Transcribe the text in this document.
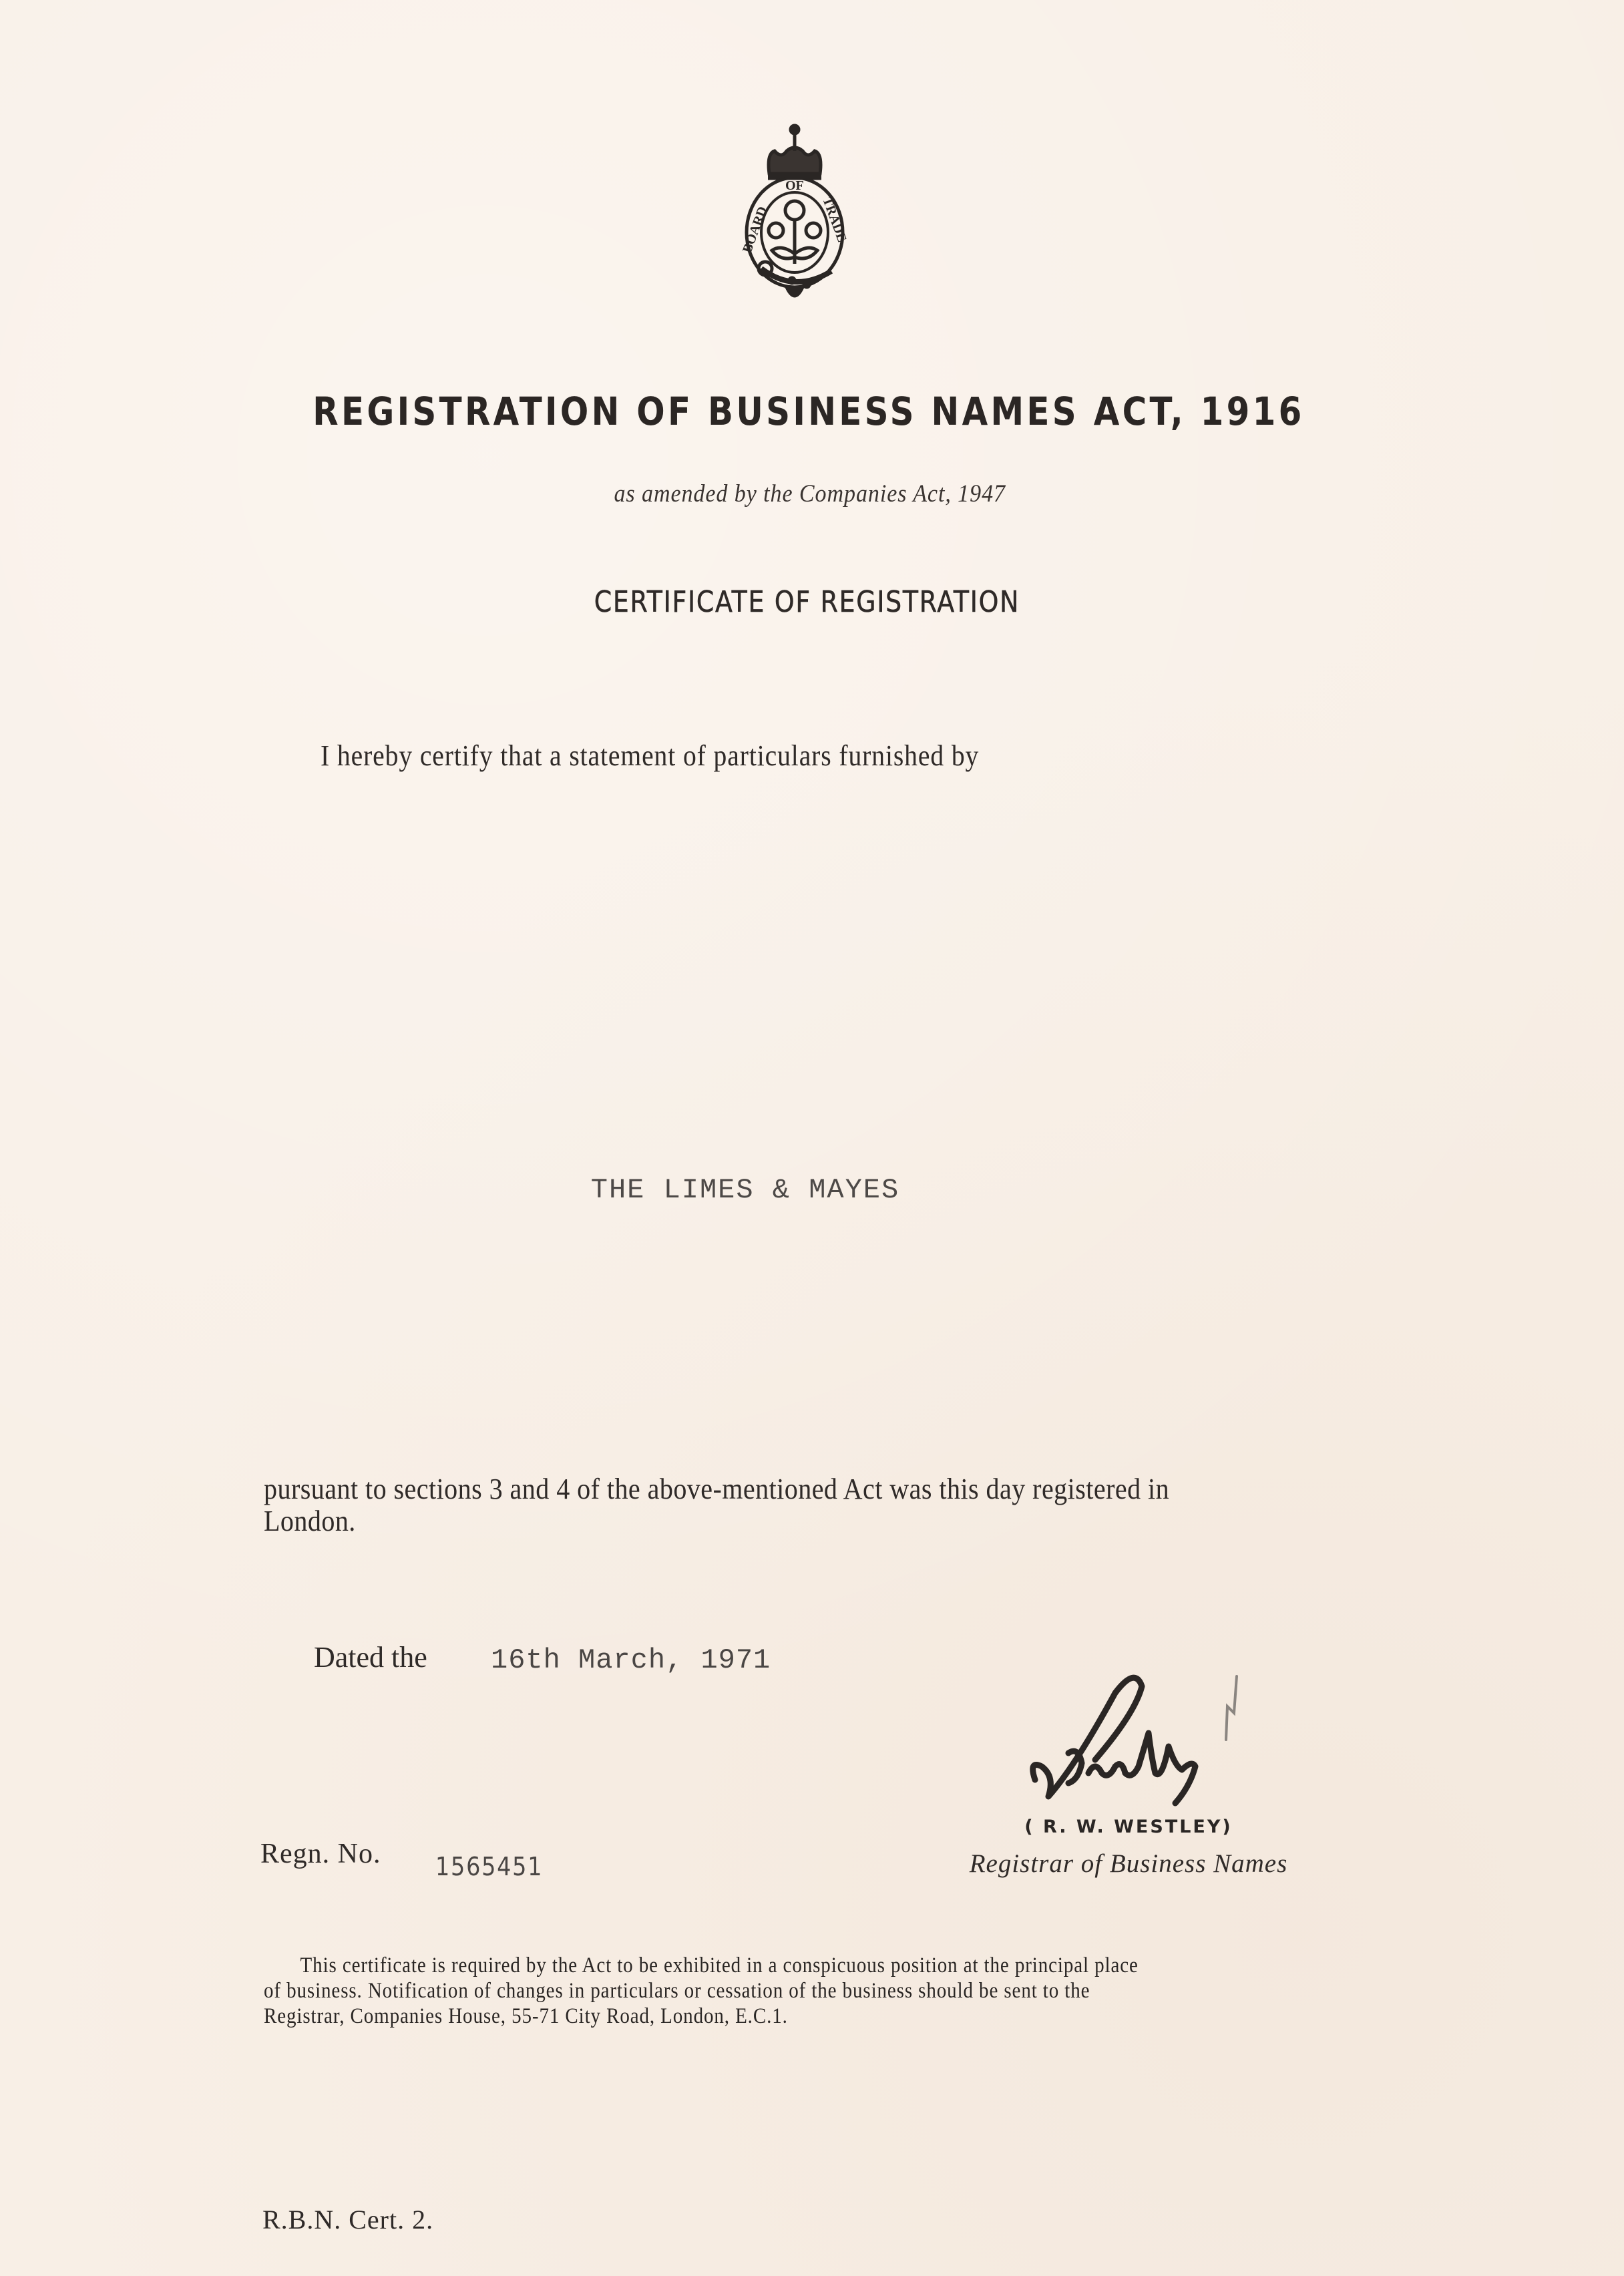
BOARD
OF
TRADE
REGISTRATION OF BUSINESS NAMES ACT, 1916
as amended by the Companies Act, 1947
CERTIFICATE OF REGISTRATION
I hereby certify that a statement of particulars furnished by
THE LIMES & MAYES
pursuant to sections 3 and 4 of the above-mentioned Act was this day registered in
London.
Dated the 16th March, 1971
( R. W. WESTLEY)
Registrar of Business Names
Regn. No. 1565451
This certificate is required by the Act to be exhibited in a conspicuous position at the principal place
of business. Notification of changes in particulars or cessation of the business should be sent to the
Registrar, Companies House, 55-71 City Road, London, E.C.1.
R.B.N. Cert. 2.
